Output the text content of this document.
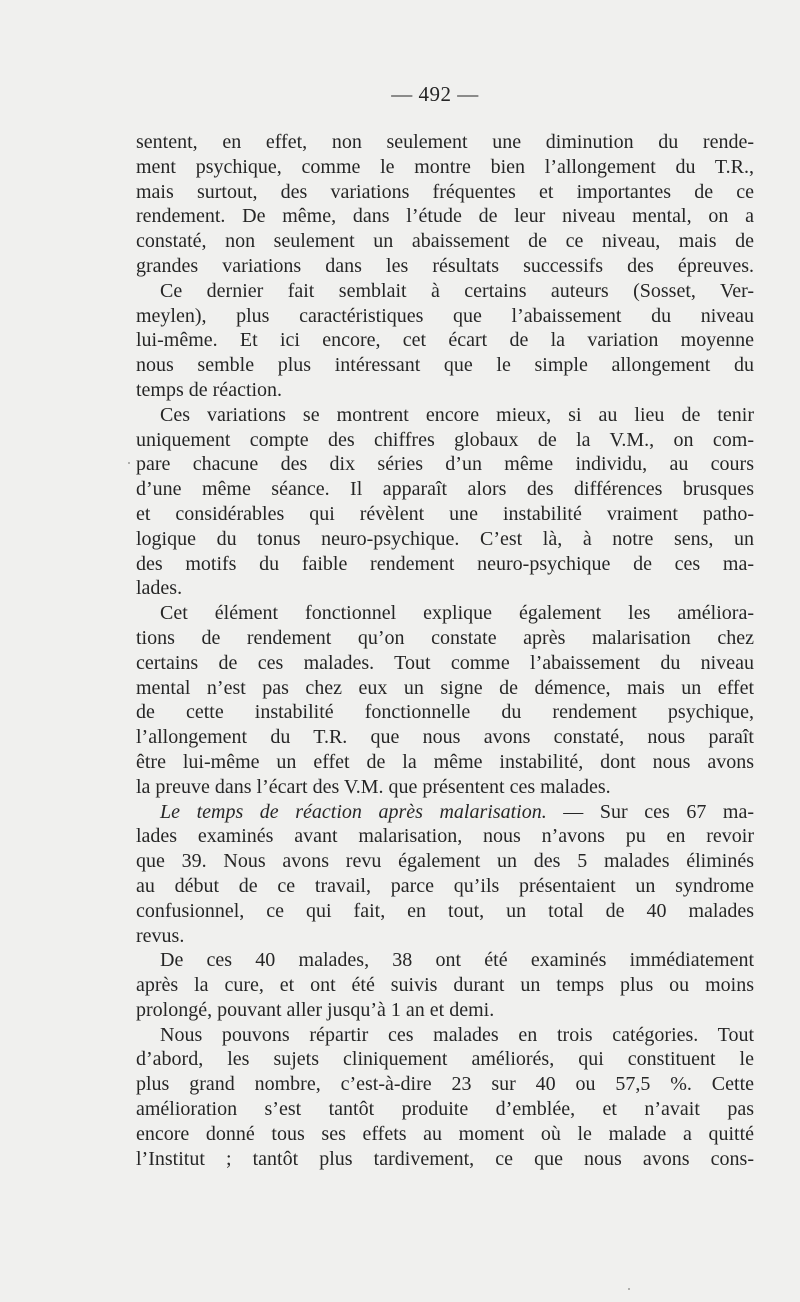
— 492 —
sentent, en effet, non seulement une diminution du rende-
ment psychique, comme le montre bien l’allongement du T.R.,
mais surtout, des variations fréquentes et importantes de ce
rendement. De même, dans l’étude de leur niveau mental, on a
constaté, non seulement un abaissement de ce niveau, mais de
grandes variations dans les résultats successifs des épreuves.
Ce dernier fait semblait à certains auteurs (Sosset, Ver-
meylen), plus caractéristiques que l’abaissement du niveau
lui-même. Et ici encore, cet écart de la variation moyenne
nous semble plus intéressant que le simple allongement du
temps de réaction.
Ces variations se montrent encore mieux, si au lieu de tenir
uniquement compte des chiffres globaux de la V.M., on com-
pare chacune des dix séries d’un même individu, au cours
d’une même séance. Il apparaît alors des différences brusques
et considérables qui révèlent une instabilité vraiment patho-
logique du tonus neuro-psychique. C’est là, à notre sens, un
des motifs du faible rendement neuro-psychique de ces ma-
lades.
Cet élément fonctionnel explique également les améliora-
tions de rendement qu’on constate après malarisation chez
certains de ces malades. Tout comme l’abaissement du niveau
mental n’est pas chez eux un signe de démence, mais un effet
de cette instabilité fonctionnelle du rendement psychique,
l’allongement du T.R. que nous avons constaté, nous paraît
être lui-même un effet de la même instabilité, dont nous avons
la preuve dans l’écart des V.M. que présentent ces malades.
Le temps de réaction après malarisation. — Sur ces 67 ma-
lades examinés avant malarisation, nous n’avons pu en revoir
que 39. Nous avons revu également un des 5 malades éliminés
au début de ce travail, parce qu’ils présentaient un syndrome
confusionnel, ce qui fait, en tout, un total de 40 malades
revus.
De ces 40 malades, 38 ont été examinés immédiatement
après la cure, et ont été suivis durant un temps plus ou moins
prolongé, pouvant aller jusqu’à 1 an et demi.
Nous pouvons répartir ces malades en trois catégories. Tout
d’abord, les sujets cliniquement améliorés, qui constituent le
plus grand nombre, c’est-à-dire 23 sur 40 ou 57,5 %. Cette
amélioration s’est tantôt produite d’emblée, et n’avait pas
encore donné tous ses effets au moment où le malade a quitté
l’Institut ; tantôt plus tardivement, ce que nous avons cons-
